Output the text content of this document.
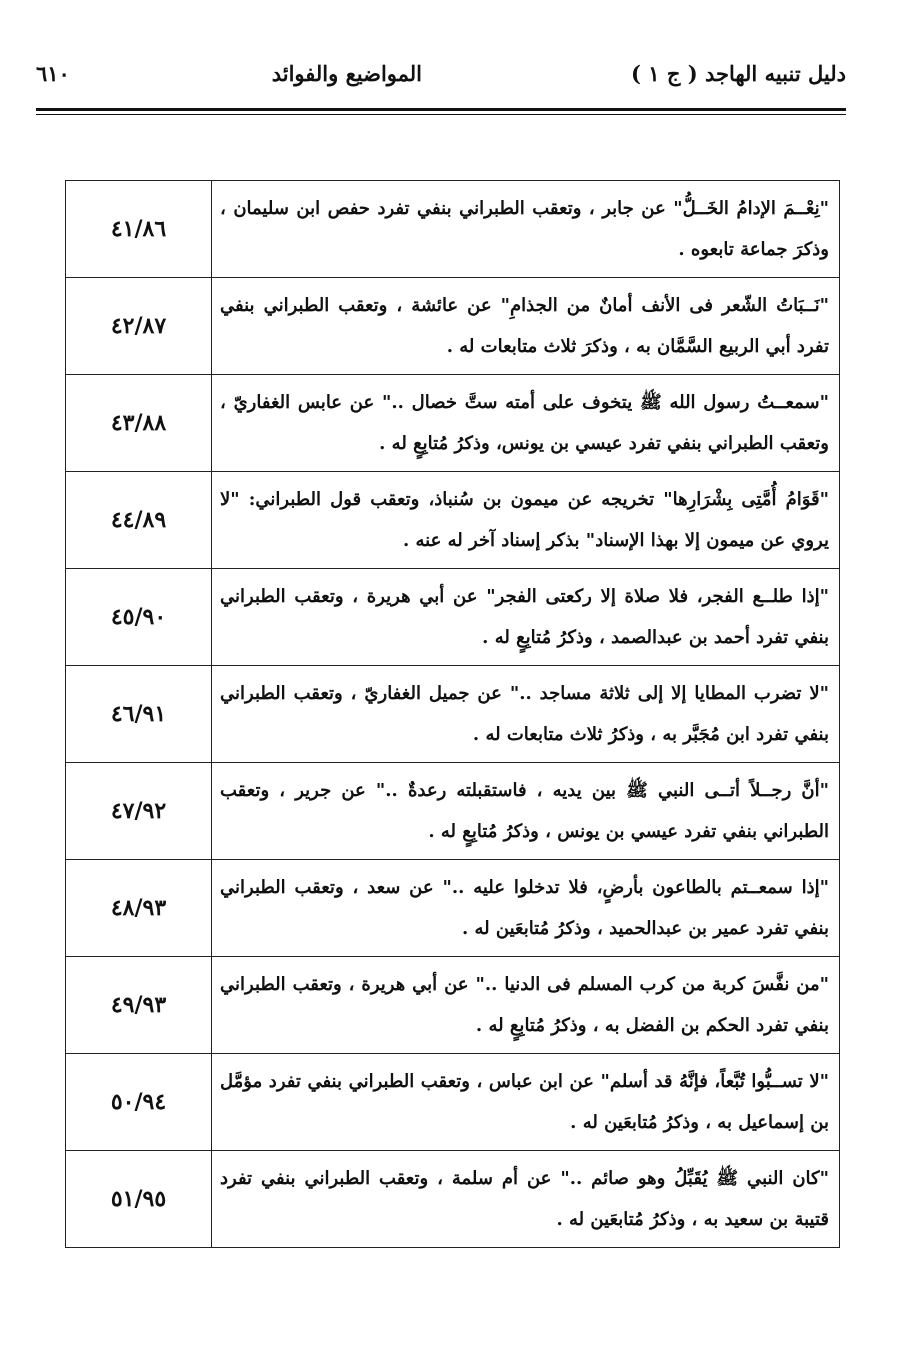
دليل تنبيه الهاجد ( ج ١ )
المواضيع والفوائد
٦١٠
"نِعْــمَ الإدامُ الخَــلُّ" عن جابر ، وتعقب الطبراني بنفي تفرد حفص ابن سليمان ، وذكرَ جماعة تابعوه .	٤١/٨٦
"نَــبَاتُ الشّعر فى الأنف أمانٌ من الجذامِ" عن عائشة ، وتعقب الطبراني بنفي تفرد أبي الربيع السَّمَّان به ، وذكرَ ثلاث متابعات له .	٤٢/٨٧
"سمعــتُ رسول الله ﷺ يتخوف على أمته ستَّ خصال .." عن عابس الغفاريّ ، وتعقب الطبراني بنفي تفرد عيسي بن يونس، وذكرُ مُتابِعٍ له .	٤٣/٨٨
"قَوَامُ أُمَّتِى بِشْرَارِها" تخريجه عن ميمون بن سُنباذ، وتعقب قول الطبراني: "لا يروي عن ميمون إلا بهذا الإسناد" بذكر إسناد آخر له عنه .	٤٤/٨٩
"إذا طلــع الفجر، فلا صلاة إلا ركعتى الفجر" عن أبي هريرة ، وتعقب الطبراني بنفي تفرد أحمد بن عبدالصمد ، وذكرُ مُتابِعٍ له .	٤٥/٩٠
"لا تضرب المطايا إلا إلى ثلاثة مساجد .." عن جميل الغفاريّ ، وتعقب الطبراني بنفي تفرد ابن مُجَبَّر به ، وذكرُ ثلاث متابعات له .	٤٦/٩١
"أنَّ رجــلاً أتــى النبي ﷺ بين يديه ، فاستقبلته رعدةٌ .." عن جرير ، وتعقب الطبراني بنفي تفرد عيسي بن يونس ، وذكرُ مُتابِعٍ له .	٤٧/٩٢
"إذا سمعــتم بالطاعون بأرضٍ، فلا تدخلوا عليه .." عن سعد ، وتعقب الطبراني بنفي تفرد عمير بن عبدالحميد ، وذكرُ مُتابعَين له .	٤٨/٩٣
"من نفَّسَ كربة من كرب المسلم فى الدنيا .." عن أبي هريرة ، وتعقب الطبراني بنفي تفرد الحكم بن الفضل به ، وذكرُ مُتابِعٍ له .	٤٩/٩٣
"لا تســبُّوا تُبَّعاً، فإنَّهُ قد أسلم" عن ابن عباس ، وتعقب الطبراني بنفي تفرد مؤمَّل بن إسماعيل به ، وذكرُ مُتابعَين له .	٥٠/٩٤
"كان النبي ﷺ يُقَبِّلُ وهو صائم .." عن أم سلمة ، وتعقب الطبراني بنفي تفرد قتيبة بن سعيد به ، وذكرُ مُتابعَين له .	٥١/٩٥
